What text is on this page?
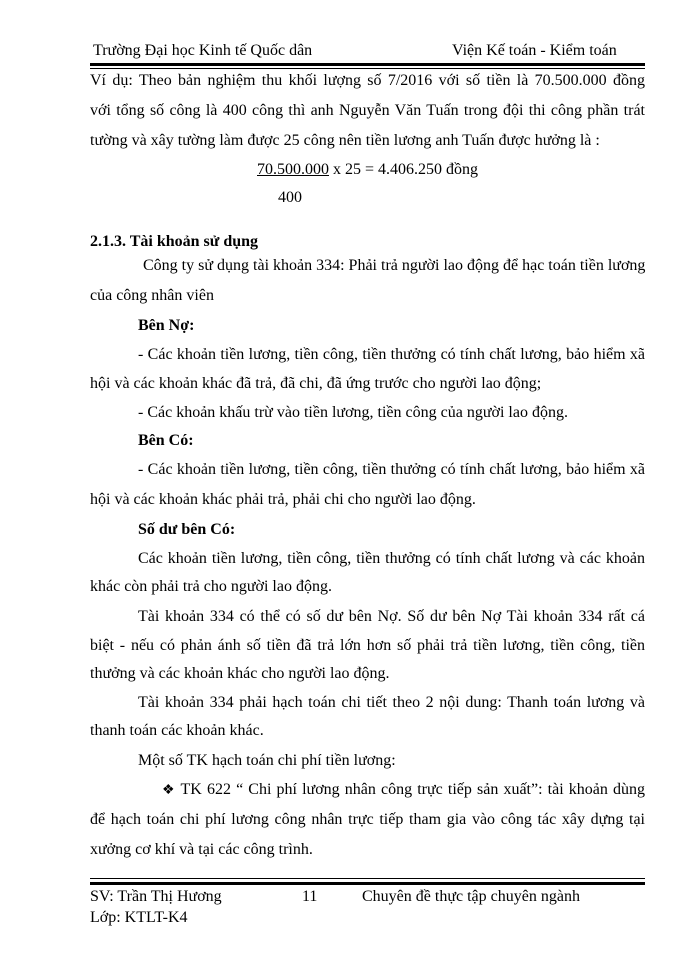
Trường Đại học Kinh tế Quốc dân	Viện Kế toán - Kiểm toán
Ví dụ: Theo bản nghiệm thu khối lượng số 7/2016 với số tiền là 70.500.000 đồng
với tổng số công là 400 công thì anh Nguyễn Văn Tuấn trong đội thi công phần trát
tường và xây tường làm được 25 công nên tiền lương anh Tuấn được hưởng là :
70.500.000 x 25 = 4.406.250 đồng
400
2.1.3. Tài khoản sử dụng
Công ty sử dụng tài khoản 334: Phải trả người lao động để hạc toán tiền lương
của công nhân viên
Bên Nợ:
- Các khoản tiền lương, tiền công, tiền thưởng có tính chất lương, bảo hiểm xã
hội và các khoản khác đã trả, đã chi, đã ứng trước cho người lao động;
- Các khoản khấu trừ vào tiền lương, tiền công của người lao động.
Bên Có:
- Các khoản tiền lương, tiền công, tiền thưởng có tính chất lương, bảo hiểm xã
hội và các khoản khác phải trả, phải chi cho người lao động.
Số dư bên Có:
Các khoản tiền lương, tiền công, tiền thưởng có tính chất lương và các khoản
khác còn phải trả cho người lao động.
Tài khoản 334 có thể có số dư bên Nợ. Số dư bên Nợ Tài khoản 334 rất cá
biệt - nếu có phản ánh số tiền đã trả lớn hơn số phải trả tiền lương, tiền công, tiền
thưởng và các khoản khác cho người lao động.
Tài khoản 334 phải hạch toán chi tiết theo 2 nội dung: Thanh toán lương và
thanh toán các khoản khác.
Một số TK hạch toán chi phí tiền lương:
❖ TK 622 “ Chi phí lương nhân công trực tiếp sản xuất”: tài khoản dùng
để hạch toán chi phí lương công nhân trực tiếp tham gia vào công tác xây dựng tại
xưởng cơ khí và tại các công trình.
SV: Trần Thị Hương
Lớp: KTLT-K4
11	Chuyên đề thực tập chuyên ngành
